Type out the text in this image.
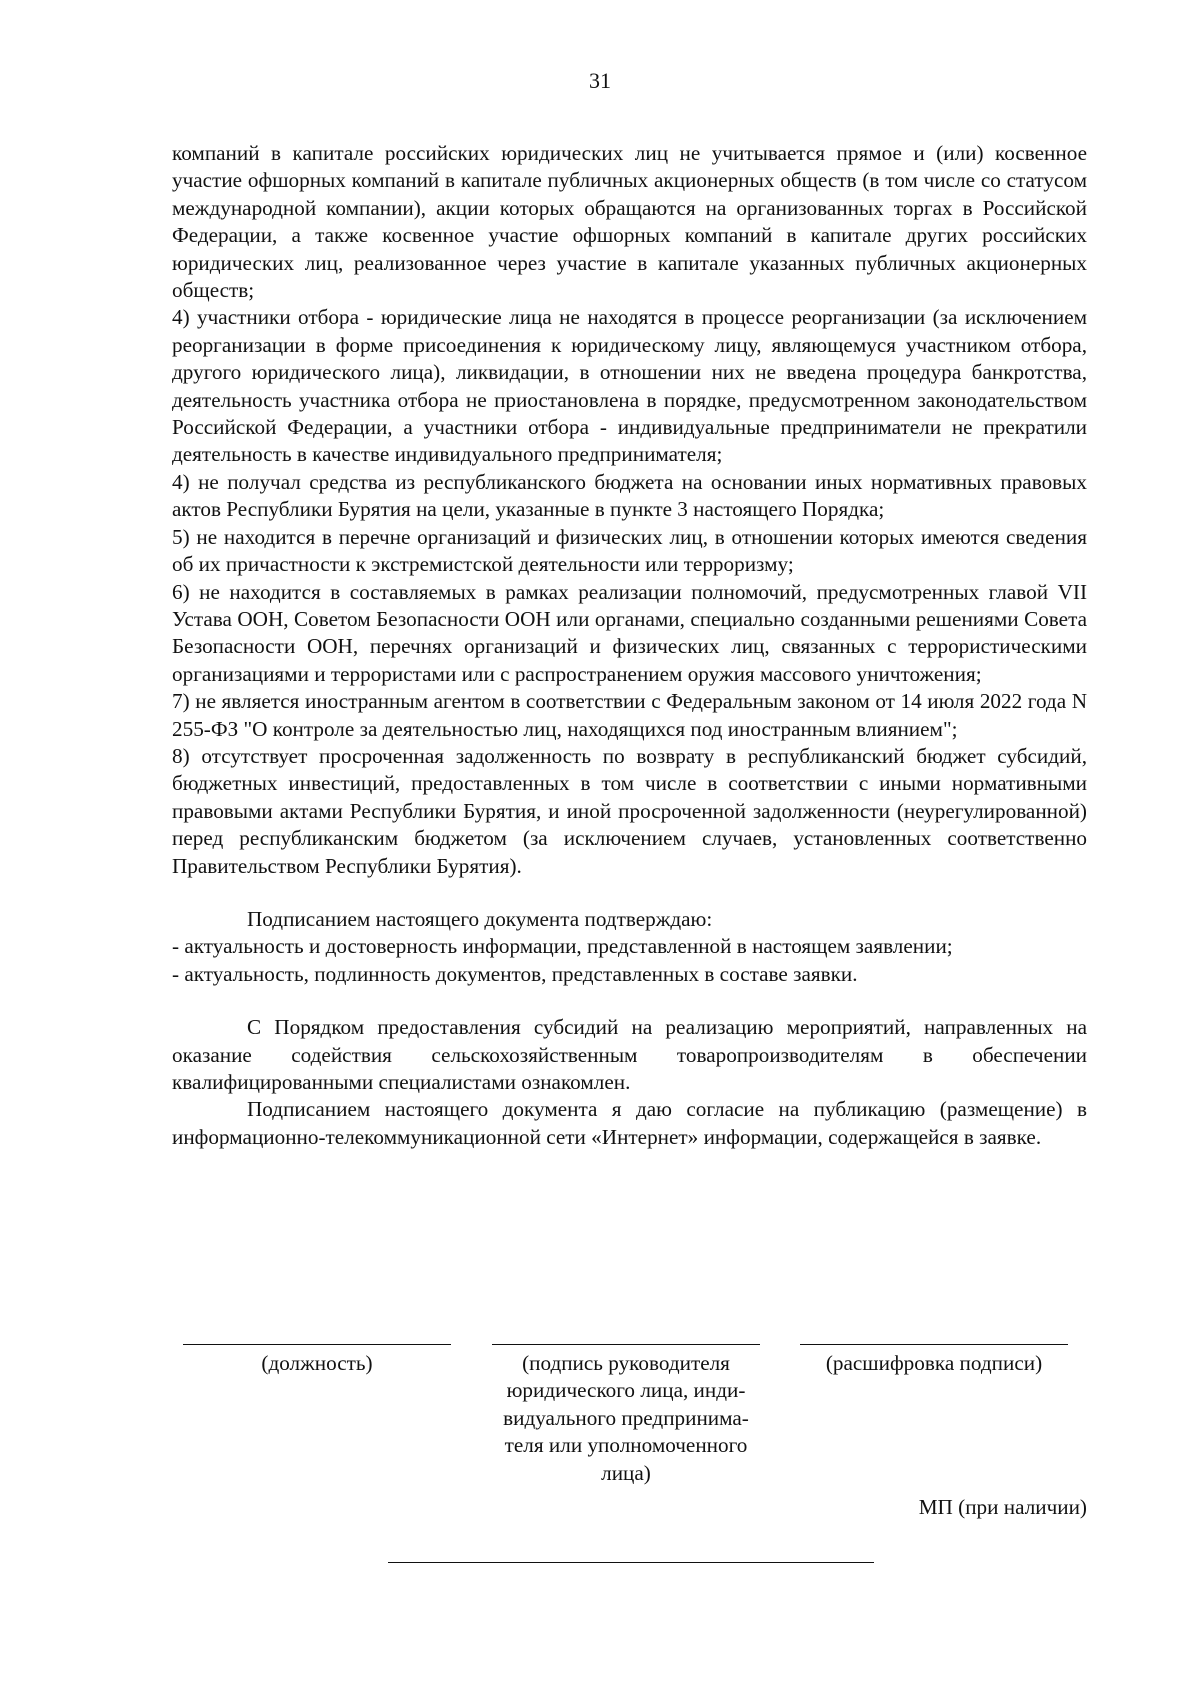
31

компаний в капитале российских юридических лиц не учитывается прямое и (или) косвенное участие офшорных компаний в капитале публичных акционерных обществ (в том числе со статусом международной компании), акции которых обращаются на организованных торгах в Российской Федерации, а также косвенное участие офшорных компаний в капитале других российских юридических лиц, реализованное через участие в капитале указанных публичных акционерных обществ;

4) участники отбора - юридические лица не находятся в процессе реорганизации (за исключением реорганизации в форме присоединения к юридическому лицу, являющемуся участником отбора, другого юридического лица), ликвидации, в отношении них не введена процедура банкротства, деятельность участника отбора не приостановлена в порядке, предусмотренном законодательством Российской Федерации, а участники отбора - индивидуальные предприниматели не прекратили деятельность в качестве индивидуального предпринимателя;

4) не получал средства из республиканского бюджета на основании иных нормативных правовых актов Республики Бурятия на цели, указанные в пункте 3 настоящего Порядка;

5) не находится в перечне организаций и физических лиц, в отношении которых имеются сведения об их причастности к экстремистской деятельности или терроризму;

6) не находится в составляемых в рамках реализации полномочий, предусмотренных главой VII Устава ООН, Советом Безопасности ООН или органами, специально созданными решениями Совета Безопасности ООН, перечнях организаций и физических лиц, связанных с террористическими организациями и террористами или с распространением оружия массового уничтожения;

7) не является иностранным агентом в соответствии с Федеральным законом от 14 июля 2022 года N 255-ФЗ "О контроле за деятельностью лиц, находящихся под иностранным влиянием";

8) отсутствует просроченная задолженность по возврату в республиканский бюджет субсидий, бюджетных инвестиций, предоставленных в том числе в соответствии с иными нормативными правовыми актами Республики Бурятия, и иной просроченной задолженности (неурегулированной) перед республиканским бюджетом (за исключением случаев, установленных соответственно Правительством Республики Бурятия).

Подписанием настоящего документа подтверждаю:

- актуальность и достоверность информации, представленной в настоящем заявлении;

- актуальность, подлинность документов, представленных в составе заявки.

С Порядком предоставления субсидий на реализацию мероприятий, направленных на оказание содействия сельскохозяйственным товаропроизводителям в обеспечении квалифицированными специалистами ознакомлен.

Подписанием настоящего документа я даю согласие на публикацию (размещение) в информационно-телекоммуникационной сети «Интернет» информации, содержащейся в заявке.

(должность)	(подпись руководителя
юридического лица, инди-
видуального предпринима-
теля или уполномоченного
лица)
(расшифровка подписи)
МП (при наличии)
